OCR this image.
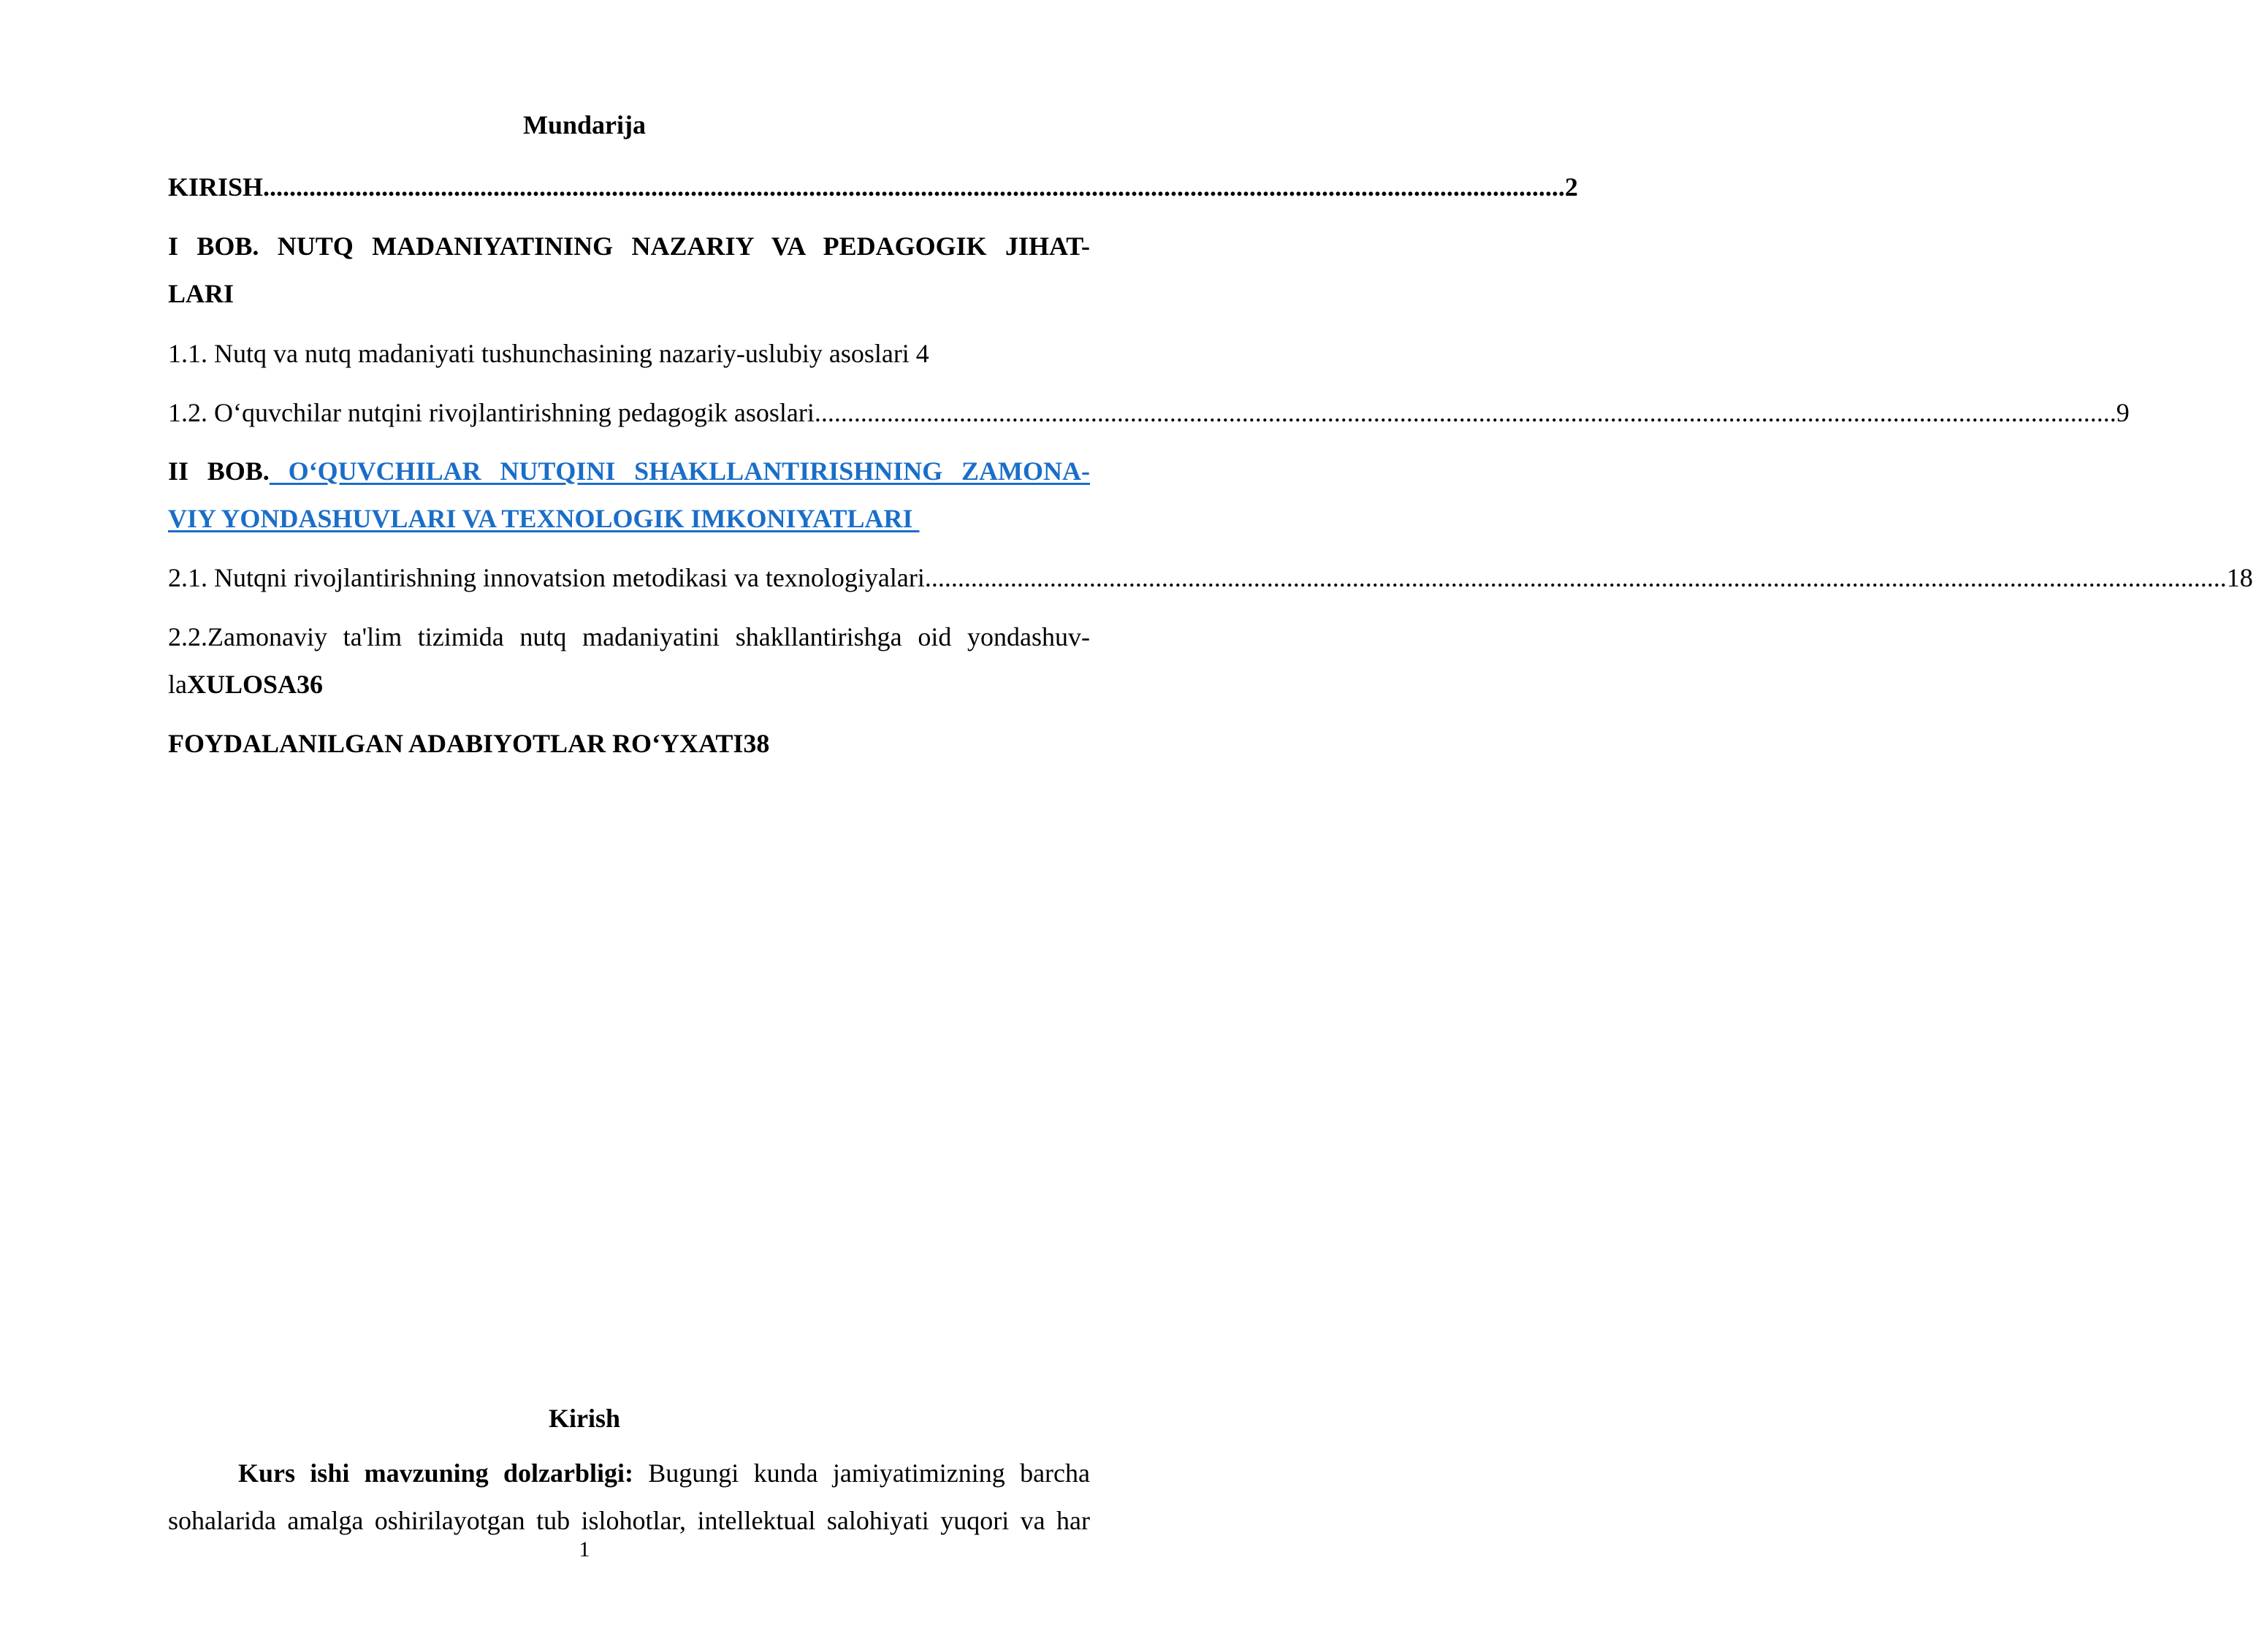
Mundarija
KIRISH ...................................................................................................................................................................................................... 2
I BOB. NUTQ MADANIYATINING NAZARIY VA PEDAGOGIK JIHAT-
LARI
1.1. Nutq va nutq madaniyati tushunchasining nazariy-uslubiy asoslari 4
1.2. O‘quvchilar nutqini rivojlantirishning pedagogik asoslari ...................................................................................................................................................................................................... 9
II BOB. O‘QUVCHILAR NUTQINI SHAKLLANTIRISHNING ZAMONA-
VIY YONDASHUVLARI VA TEXNOLOGIK IMKONIYATLARI
2.1. Nutqni rivojlantirishning innovatsion metodikasi va texnologiyalari ...................................................................................................................................................................................................... 18
2.2.Zamonaviy ta'lim tizimida nutq madaniyatini shakllantirishga oid yondashuv-
laXULOSA36
FOYDALANILGAN ADABIYOTLAR RO‘YXATI38
Kirish
Kurs ishi mavzuning dolzarbligi: Bugungi kunda jamiyatimizning barcha
sohalarida amalga oshirilayotgan tub islohotlar, intellektual salohiyati yuqori va har
1
